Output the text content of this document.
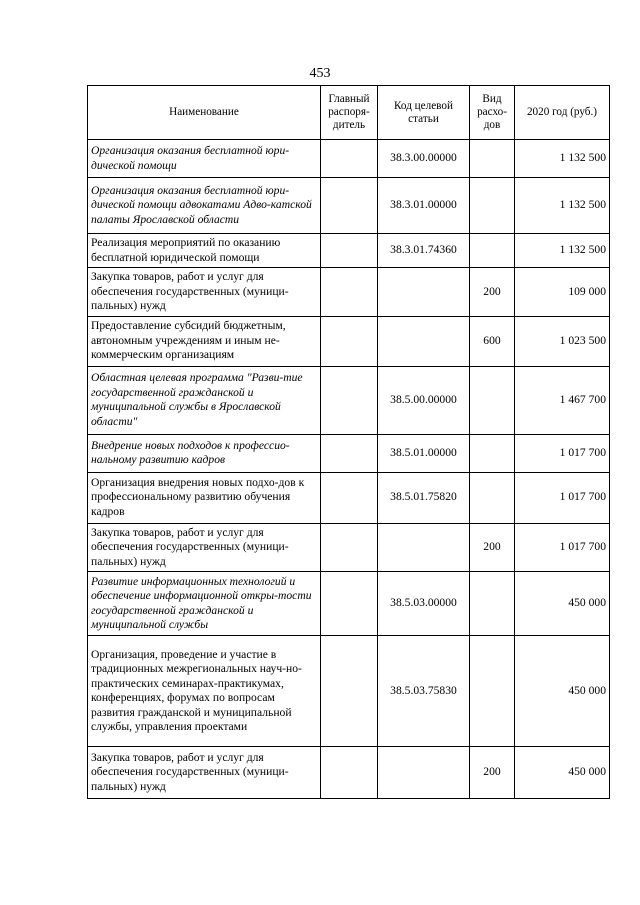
453
Наименование	Главный распоря-дитель	Код целевой статьи	Вид расхо-дов	2020 год (руб.)
Организация оказания бесплатной юри-дической помощи		38.3.00.00000		1 132 500
Организация оказания бесплатной юри-дической помощи адвокатами Адво-катской палаты Ярославской области		38.3.01.00000		1 132 500
Реализация мероприятий по оказанию бесплатной юридической помощи		38.3.01.74360		1 132 500
Закупка товаров, работ и услуг для обеспечения государственных (муници-пальных) нужд			200	109 000
Предоставление субсидий бюджетным, автономным учреждениям и иным не-коммерческим организациям			600	1 023 500
Областная целевая программа "Разви-тие государственной гражданской и муниципальной службы в Ярославской области"		38.5.00.00000		1 467 700
Внедрение новых подходов к профессио-нальному развитию кадров		38.5.01.00000		1 017 700
Организация внедрения новых подхо-дов к профессиональному развитию обучения кадров		38.5.01.75820		1 017 700
Закупка товаров, работ и услуг для обеспечения государственных (муници-пальных) нужд			200	1 017 700
Развитие информационных технологий и обеспечение информационной откры-тости государственной гражданской и муниципальной службы		38.5.03.00000		450 000
Организация, проведение и участие в традиционных межрегиональных науч-но-практических семинарах-практикумах, конференциях, форумах по вопросам развития гражданской и муниципальной службы, управления проектами		38.5.03.75830		450 000
Закупка товаров, работ и услуг для обеспечения государственных (муници-пальных) нужд			200	450 000
